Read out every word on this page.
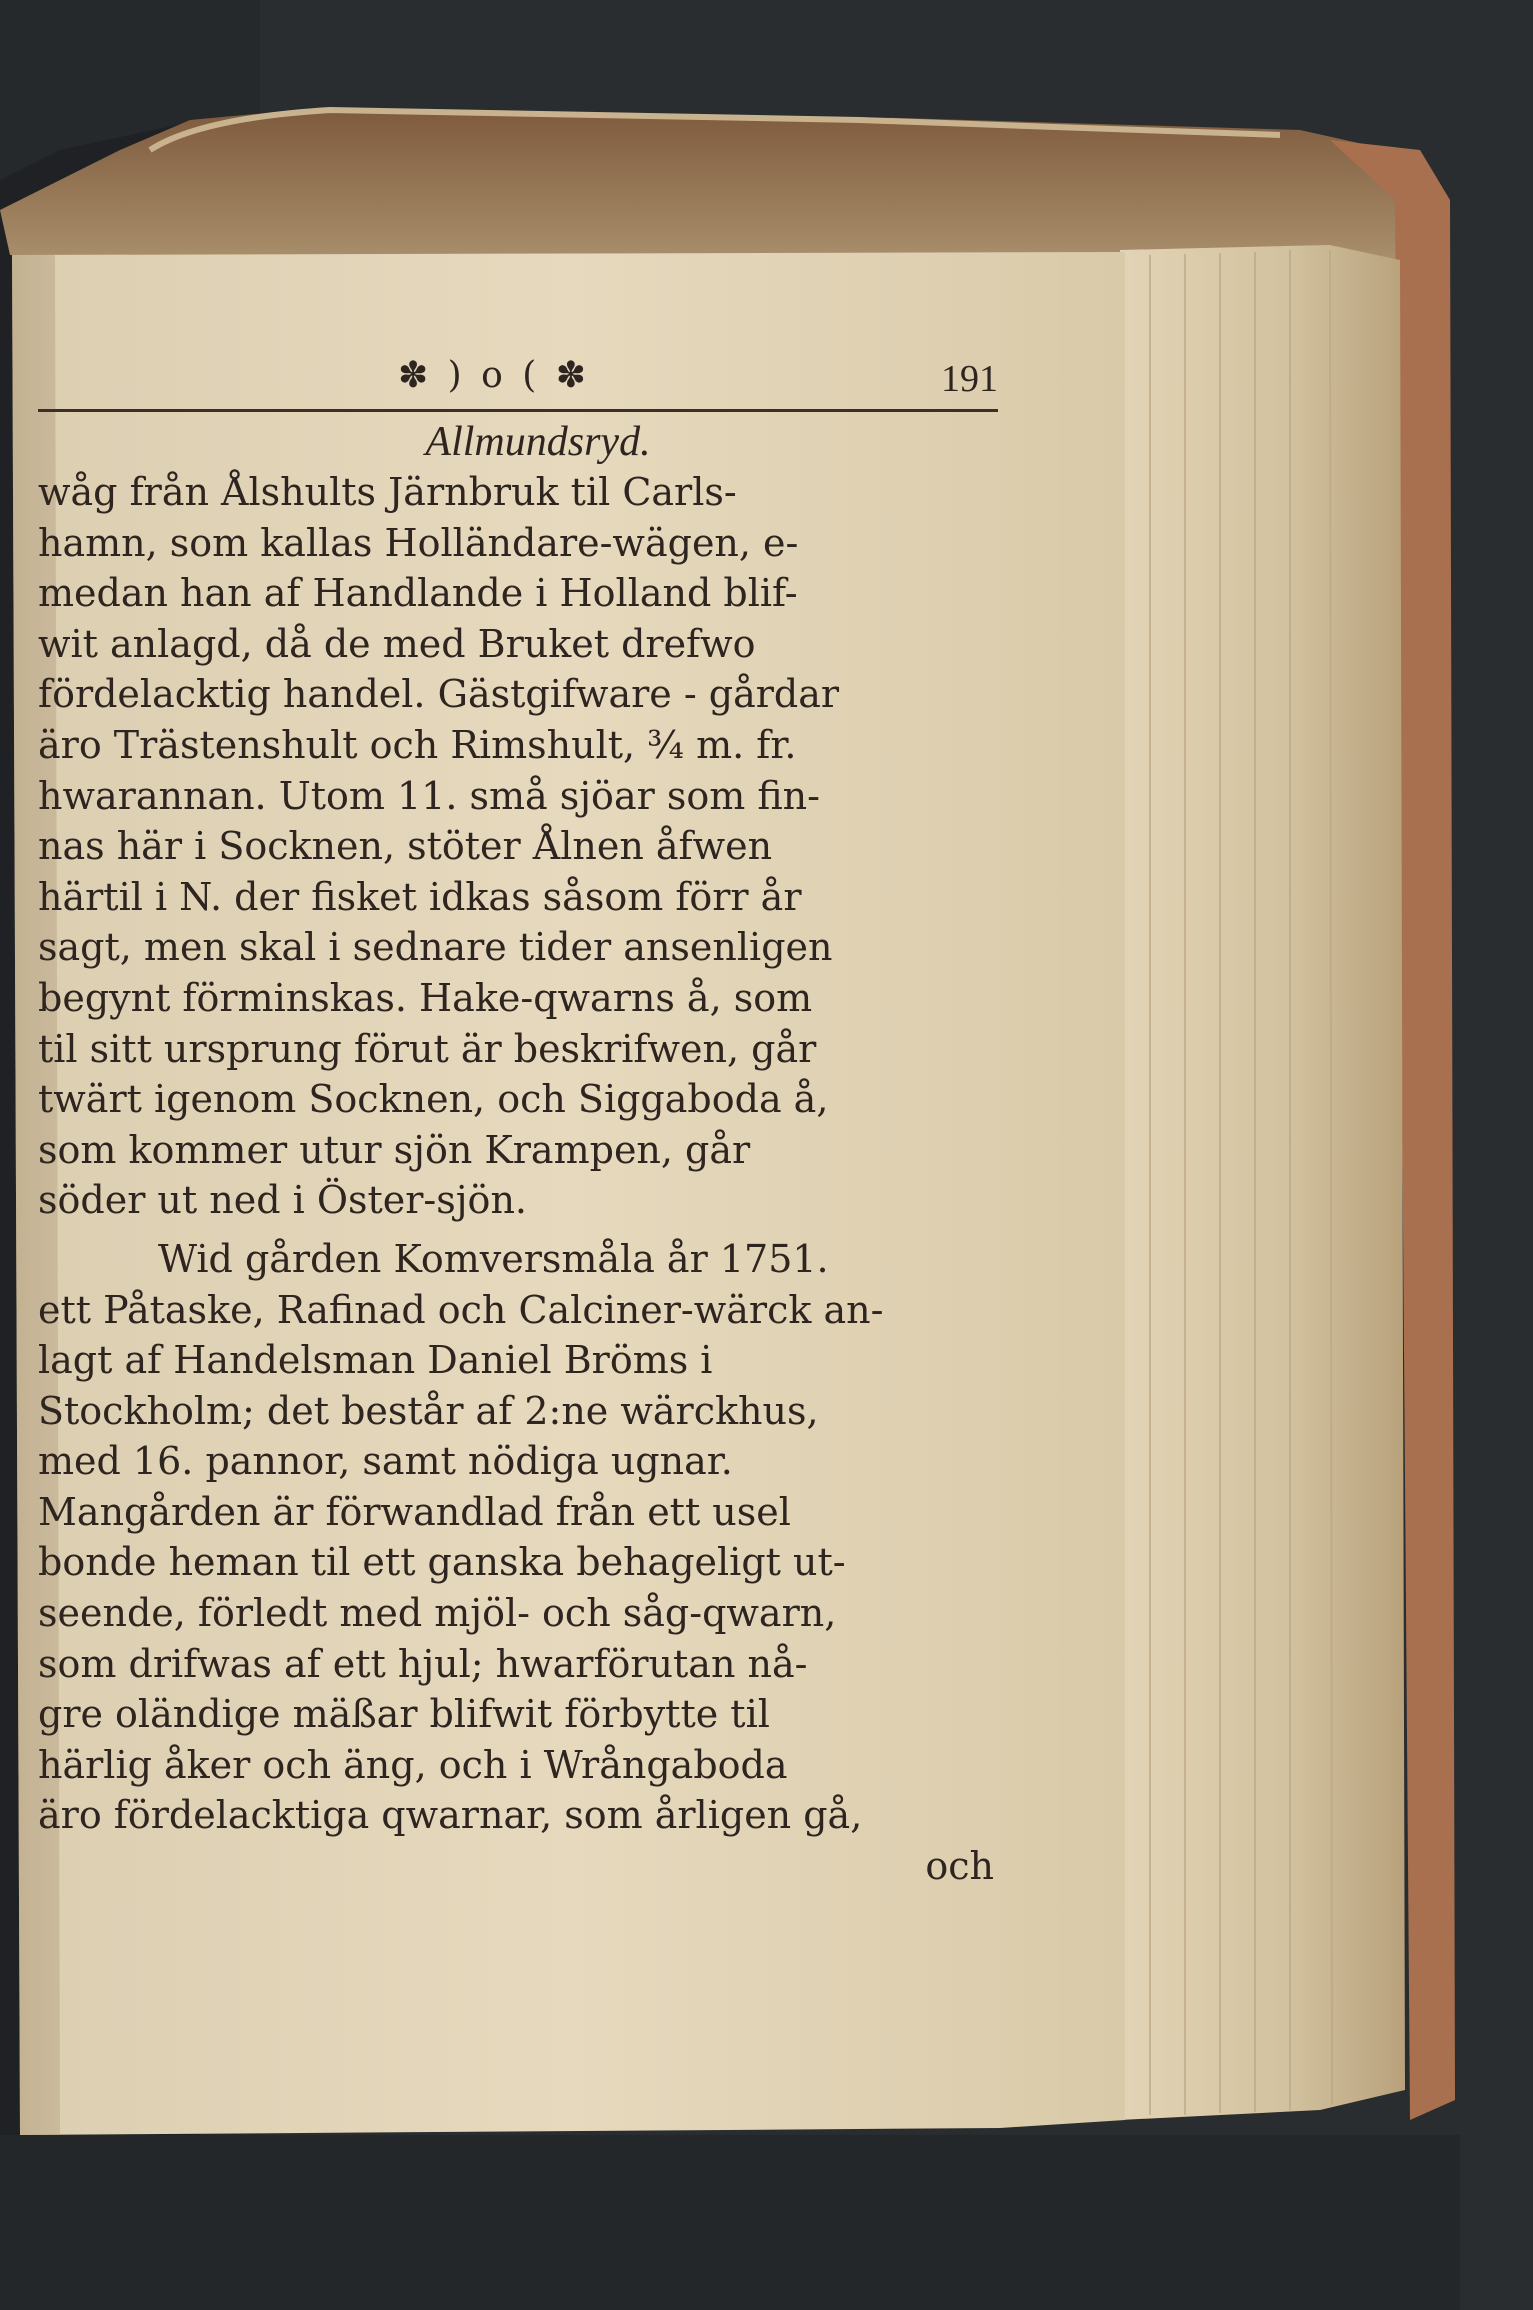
✽ ) o ( ✽	191
Allmundsryd.
wåg från Ålshults Järnbruk til Carls-
hamn, som kallas Holländare-wägen, e-
medan han af Handlande i Holland blif-
wit anlagd, då de med Bruket drefwo
fördelacktig handel. Gästgifware - gårdar
äro Trästenshult och Rimshult, ¾ m. fr.
hwarannan. Utom 11. små sjöar som fin-
nas här i Socknen, stöter Ålnen åfwen
härtil i N. der fisket idkas såsom förr år
sagt, men skal i sednare tider ansenligen
begynt förminskas. Hake-qwarns å, som
til sitt ursprung förut är beskrifwen, går
twärt igenom Socknen, och Siggaboda å,
som kommer utur sjön Krampen, går
söder ut ned i Öster-sjön.
Wid gården Komversmåla år 1751.
ett Påtaske, Rafinad och Calciner-wärck an-
lagt af Handelsman Daniel Bröms i
Stockholm; det består af 2:ne wärckhus,
med 16. pannor, samt nödiga ugnar.
Mangården är förwandlad från ett usel
bonde heman til ett ganska behageligt ut-
seende, förledt med mjöl- och såg-qwarn,
som drifwas af ett hjul; hwarförutan nå-
gre oländige mäßar blifwit förbytte til
härlig åker och äng, och i Wrångaboda
äro fördelacktiga qwarnar, som årligen gå,
och
